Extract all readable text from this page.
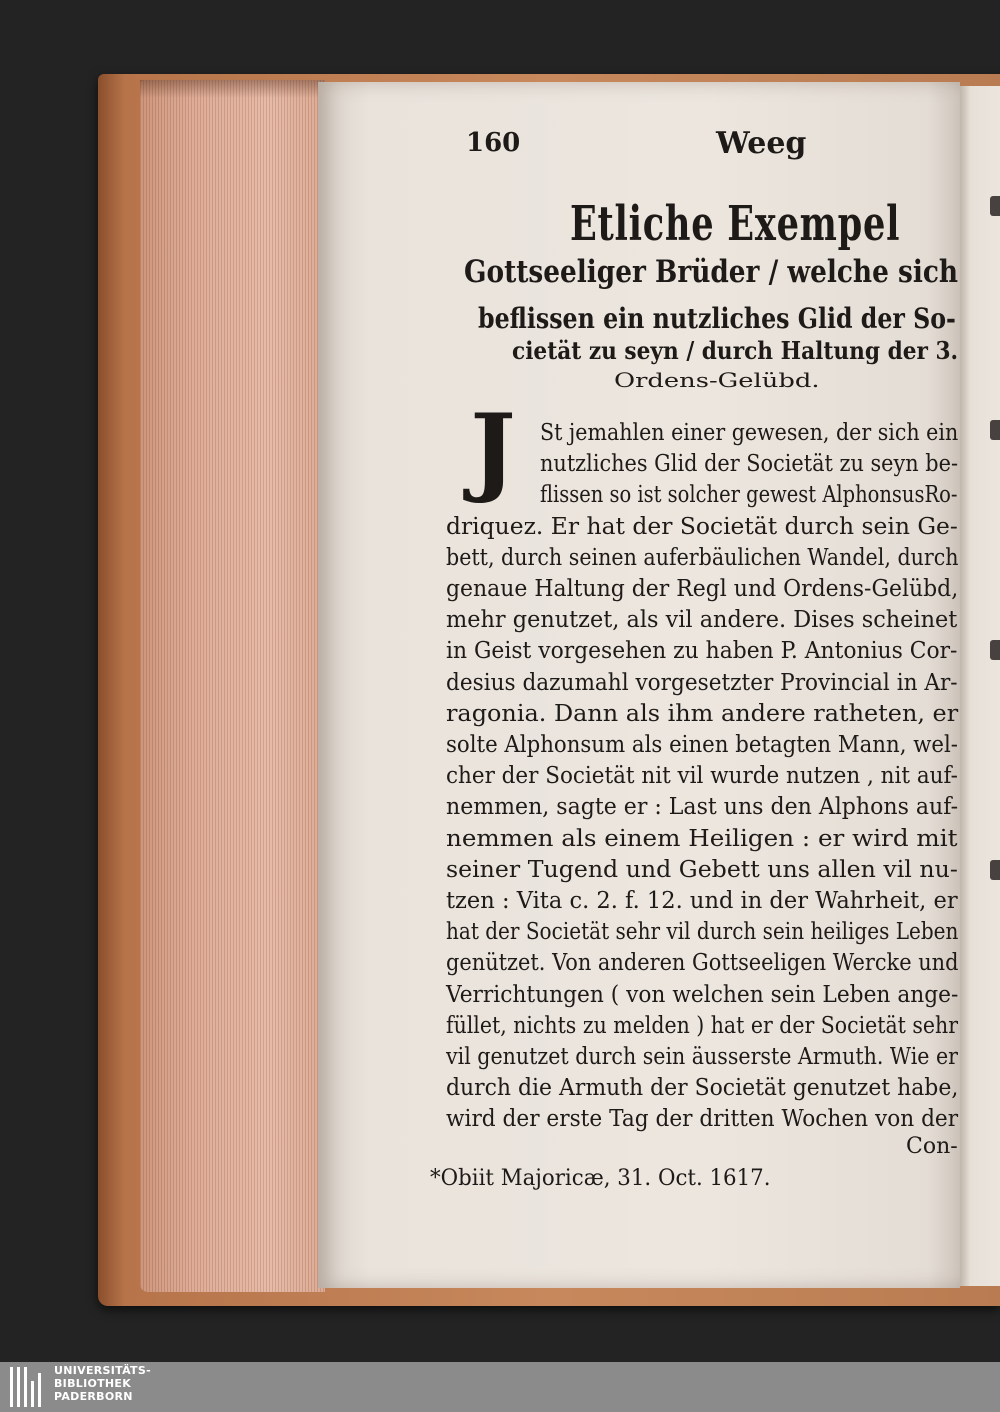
160	Weeg
Etliche Exempel
Gottseeliger Brüder / welche sich
beflissen ein nutzliches Glid der So-
cietät zu seyn / durch Haltung der 3.
Ordens-Gelübd.
J	St jemahlen einer gewesen, der sich ein
nutzliches Glid der Societät zu seyn be-
flissen so ist solcher gewest AlphonsusRo-
driquez. Er hat der Societät durch sein Ge-
bett, durch seinen auferbäulichen Wandel, durch
genaue Haltung der Regl und Ordens-Gelübd,
mehr genutzet, als vil andere. Dises scheinet
in Geist vorgesehen zu haben P. Antonius Cor-
desius dazumahl vorgesetzter Provincial in Ar-
ragonia. Dann als ihm andere ratheten, er
solte Alphonsum als einen betagten Mann, wel-
cher der Societät nit vil wurde nutzen , nit auf-
nemmen, sagte er : Last uns den Alphons auf-
nemmen als einem Heiligen : er wird mit
seiner Tugend und Gebett uns allen vil nu-
tzen : Vita c. 2. f. 12. und in der Wahrheit, er
hat der Societät sehr vil durch sein heiliges Leben
genützet. Von anderen Gottseeligen Wercke und
Verrichtungen ( von welchen sein Leben ange-
füllet, nichts zu melden ) hat er der Societät sehr
vil genutzet durch sein äusserste Armuth. Wie er
durch die Armuth der Societät genutzet habe,
wird der erste Tag der dritten Wochen von der
Con-
*Obiit Majoricæ, 31. Oct. 1617.
UNIVERSITÄTS-
BIBLIOTHEK
PADERBORN
